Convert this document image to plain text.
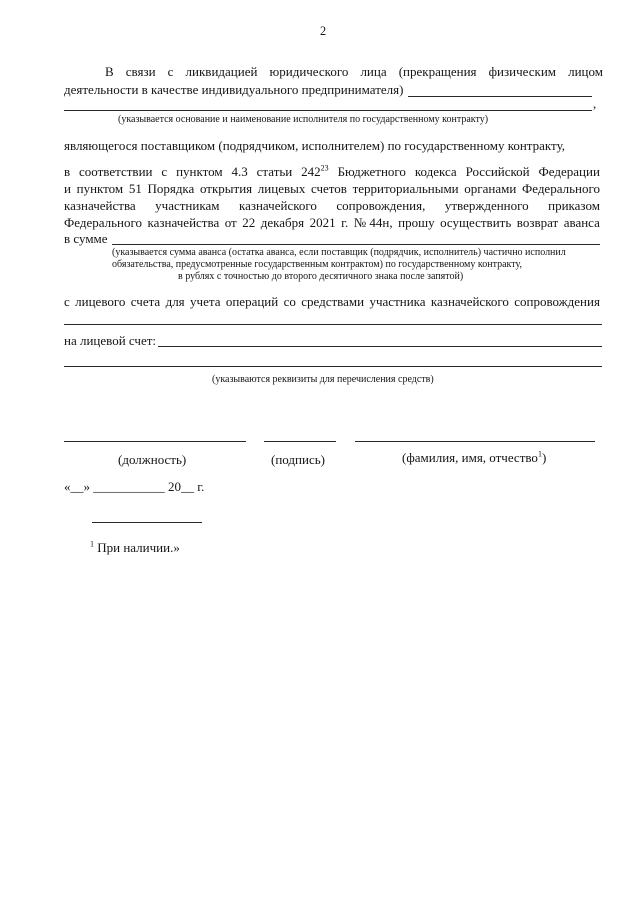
2
В связи с ликвидацией юридического лица (прекращения физическим лицом
деятельности в качестве индивидуального предпринимателя)
,
(указывается основание и наименование исполнителя по государственному контракту)
являющегося поставщиком (подрядчиком, исполнителем) по государственному контракту,
в соответствии с пунктом 4.3 статьи $242^{23}$ Бюджетного кодекса Российской Федерации
и пунктом 51 Порядка открытия лицевых счетов территориальными органами Федерального
казначейства участникам казначейского сопровождения, утвержденного приказом
Федерального казначейства от 22 декабря 2021 г. № 44н, прошу осуществить возврат аванса
в сумме
(указывается сумма аванса (остатка аванса, если поставщик (подрядчик, исполнитель) частично исполнил
обязательства, предусмотренные государственным контрактом) по государственному контракту,
в рублях с точностью до второго десятичного знака после запятой)
с лицевого счета для учета операций со средствами участника казначейского сопровождения
на лицевой счет:
(указываются реквизиты для перечисления средств)
(должность)	(подпись)	(фамилия, имя, отчество$^1$)
«__» ___________ 20__ г.
$^1$ При наличии.»
